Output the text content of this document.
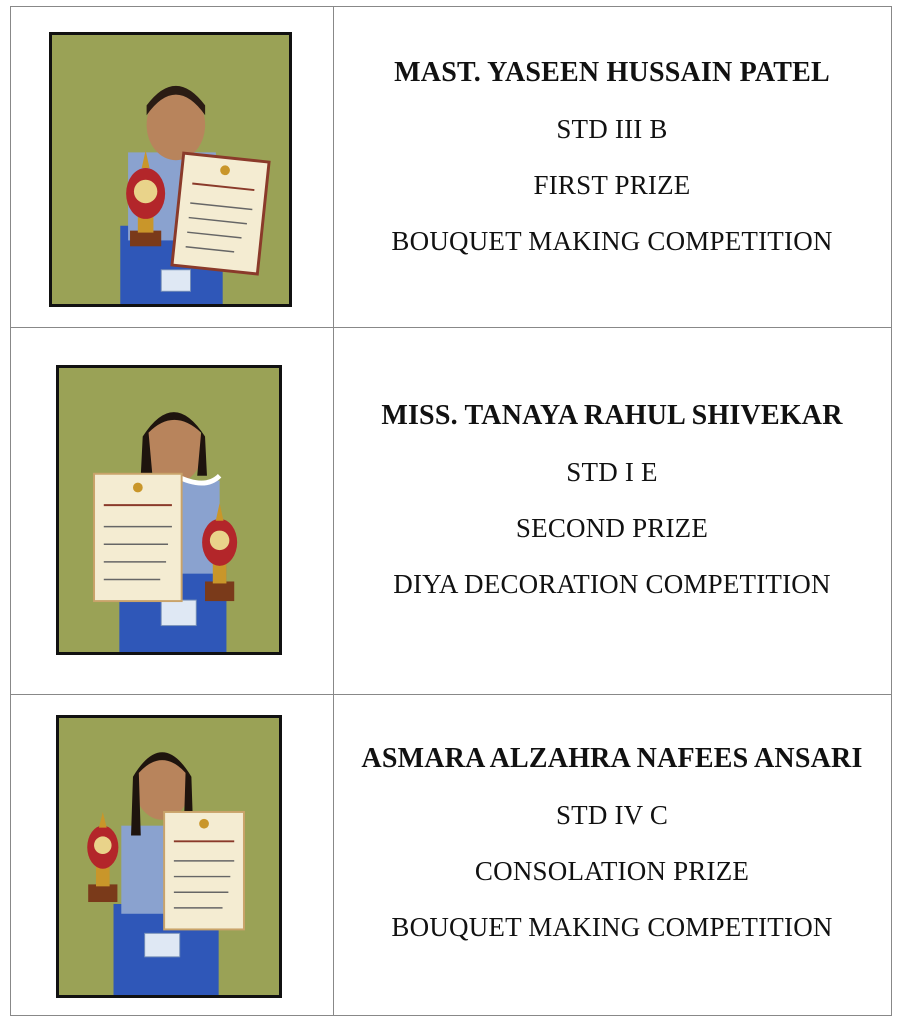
MAST. YASEEN HUSSAIN PATEL
STD III B
FIRST PRIZE
BOUQUET MAKING COMPETITION
MISS. TANAYA RAHUL SHIVEKAR
STD I E
SECOND PRIZE
DIYA DECORATION COMPETITION
ASMARA ALZAHRA NAFEES ANSARI
STD IV C
CONSOLATION PRIZE
BOUQUET MAKING COMPETITION
